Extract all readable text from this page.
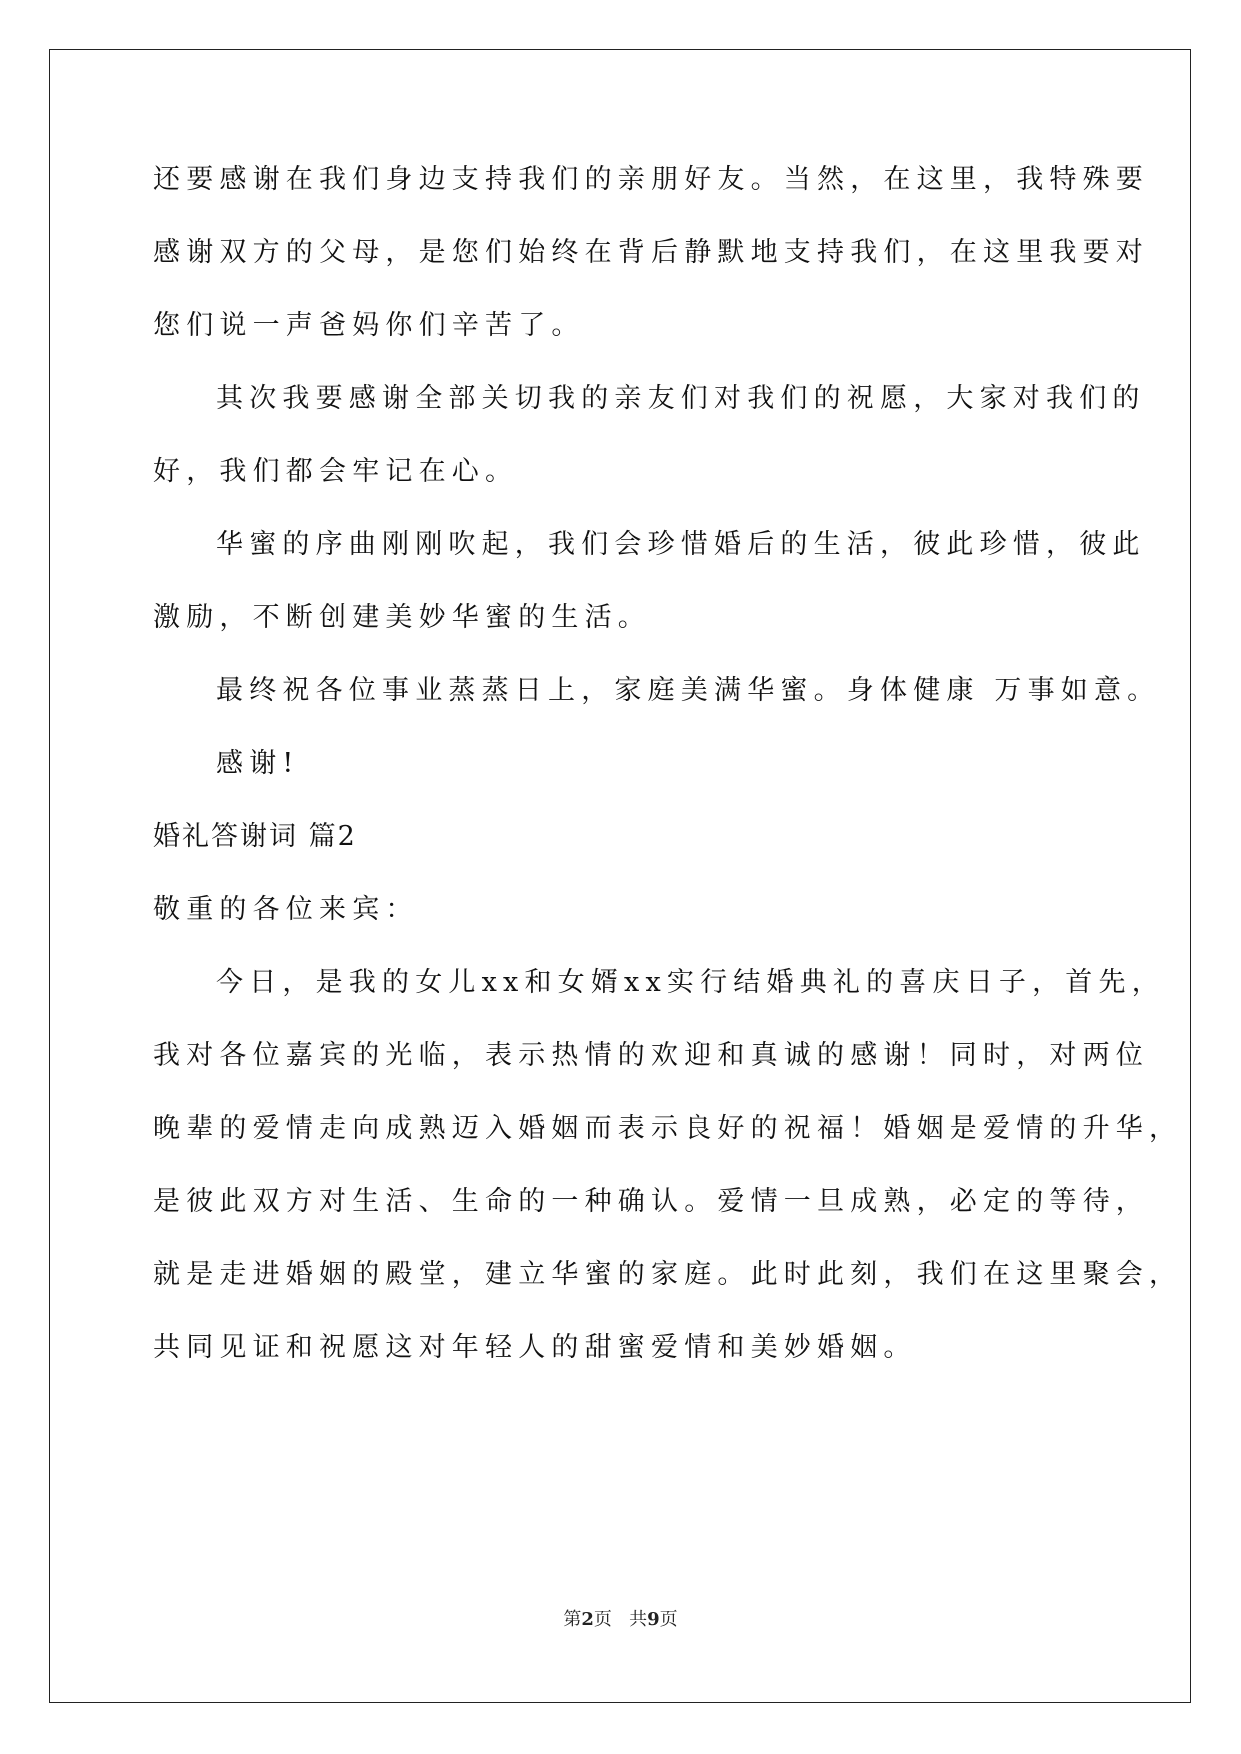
还要感谢在我们身边支持我们的亲朋好友。当然，在这里，我特殊要
感谢双方的父母，是您们始终在背后静默地支持我们，在这里我要对
您们说一声爸妈你们辛苦了。
其次我要感谢全部关切我的亲友们对我们的祝愿，大家对我们的
好，我们都会牢记在心。
华蜜的序曲刚刚吹起，我们会珍惜婚后的生活，彼此珍惜，彼此
激励，不断创建美妙华蜜的生活。
最终祝各位事业蒸蒸日上，家庭美满华蜜。身体健康 万事如意。
感谢!
婚礼答谢词 篇2
敬重的各位来宾：
今日，是我的女儿xx和女婿xx实行结婚典礼的喜庆日子，首先，
我对各位嘉宾的光临，表示热情的欢迎和真诚的感谢！同时，对两位
晚辈的爱情走向成熟迈入婚姻而表示良好的祝福！婚姻是爱情的升华，
是彼此双方对生活、生命的一种确认。爱情一旦成熟，必定的等待，
就是走进婚姻的殿堂，建立华蜜的家庭。此时此刻，我们在这里聚会，
共同见证和祝愿这对年轻人的甜蜜爱情和美妙婚姻。
第2页 共9页
